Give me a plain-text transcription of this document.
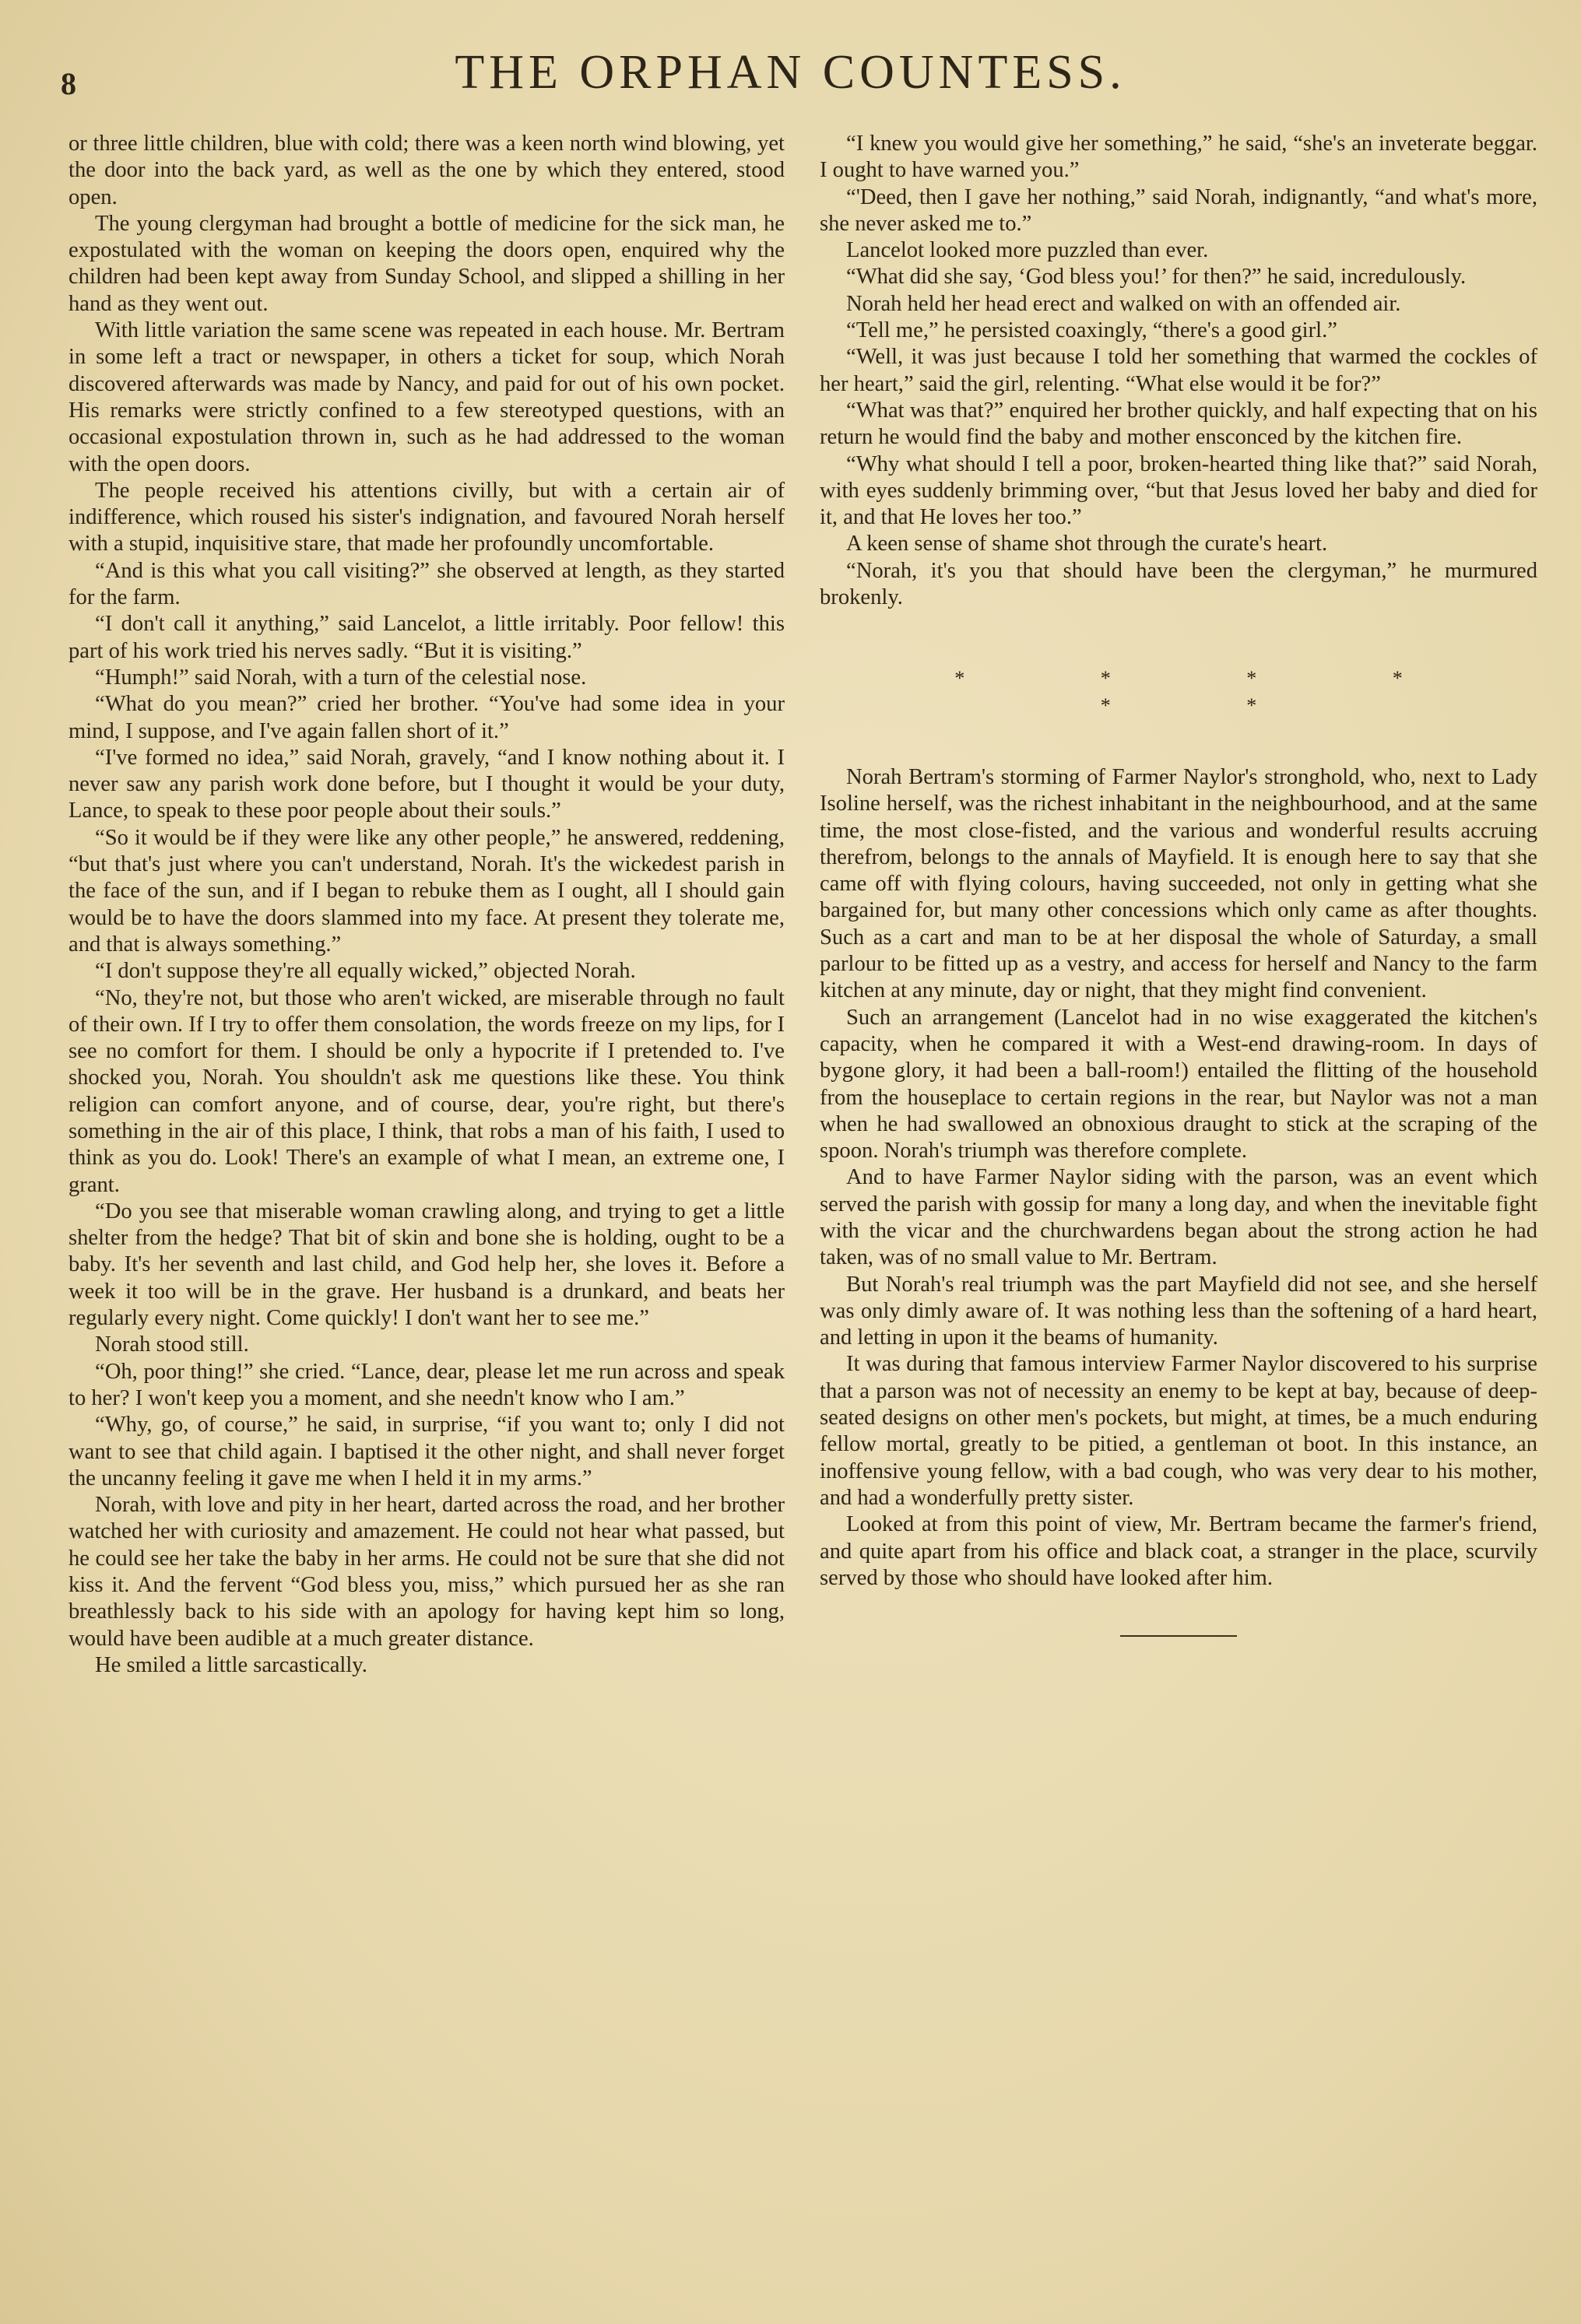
8	THE ORPHAN COUNTESS.

or three little children, blue with cold; there was a keen north wind blowing, yet the door into the back yard, as well as the one by which they entered, stood open.

The young clergyman had brought a bottle of medicine for the sick man, he expostulated with the woman on keeping the doors open, enquired why the children had been kept away from Sunday School, and slipped a shilling in her hand as they went out.

With little variation the same scene was repeated in each house. Mr. Bertram in some left a tract or newspaper, in others a ticket for soup, which Norah discovered afterwards was made by Nancy, and paid for out of his own pocket. His remarks were strictly confined to a few stereotyped questions, with an occasional expostulation thrown in, such as he had addressed to the woman with the open doors.

The people received his attentions civilly, but with a certain air of indifference, which roused his sister's indignation, and favoured Norah herself with a stupid, inquisitive stare, that made her profoundly uncomfortable.

“And is this what you call visiting?” she observed at length, as they started for the farm.

“I don't call it anything,” said Lancelot, a little irritably. Poor fellow! this part of his work tried his nerves sadly. “But it is visiting.”

“Humph!” said Norah, with a turn of the celestial nose.

“What do you mean?” cried her brother. “You've had some idea in your mind, I suppose, and I've again fallen short of it.”

“I've formed no idea,” said Norah, gravely, “and I know nothing about it. I never saw any parish work done before, but I thought it would be your duty, Lance, to speak to these poor people about their souls.”

“So it would be if they were like any other people,” he answered, reddening, “but that's just where you can't understand, Norah. It's the wickedest parish in the face of the sun, and if I began to rebuke them as I ought, all I should gain would be to have the doors slammed into my face. At present they tolerate me, and that is always something.”

“I don't suppose they're all equally wicked,” objected Norah.

“No, they're not, but those who aren't wicked, are miserable through no fault of their own. If I try to offer them consolation, the words freeze on my lips, for I see no comfort for them. I should be only a hypocrite if I pretended to. I've shocked you, Norah. You shouldn't ask me questions like these. You think religion can comfort anyone, and of course, dear, you're right, but there's something in the air of this place, I think, that robs a man of his faith, I used to think as you do. Look! There's an example of what I mean, an extreme one, I grant.

“Do you see that miserable woman crawling along, and trying to get a little shelter from the hedge? That bit of skin and bone she is holding, ought to be a baby. It's her seventh and last child, and God help her, she loves it. Before a week it too will be in the grave. Her husband is a drunkard, and beats her regularly every night. Come quickly! I don't want her to see me.”

Norah stood still.

“Oh, poor thing!” she cried. “Lance, dear, please let me run across and speak to her? I won't keep you a moment, and she needn't know who I am.”

“Why, go, of course,” he said, in surprise, “if you want to; only I did not want to see that child again. I baptised it the other night, and shall never forget the uncanny feeling it gave me when I held it in my arms.”

Norah, with love and pity in her heart, darted across the road, and her brother watched her with curiosity and amazement. He could not hear what passed, but he could see her take the baby in her arms. He could not be sure that she did not kiss it. And the fervent “God bless you, miss,” which pursued her as she ran breathlessly back to his side with an apology for having kept him so long, would have been audible at a much greater distance.

He smiled a little sarcastically.

“I knew you would give her something,” he said, “she's an inveterate beggar. I ought to have warned you.”

“'Deed, then I gave her nothing,” said Norah, indignantly, “and what's more, she never asked me to.”

Lancelot looked more puzzled than ever.

“What did she say, ‘God bless you!’ for then?” he said, incredulously.

Norah held her head erect and walked on with an offended air.

“Tell me,” he persisted coaxingly, “there's a good girl.”

“Well, it was just because I told her something that warmed the cockles of her heart,” said the girl, relenting. “What else would it be for?”

“What was that?” enquired her brother quickly, and half expecting that on his return he would find the baby and mother ensconced by the kitchen fire.

“Why what should I tell a poor, broken-hearted thing like that?” said Norah, with eyes suddenly brimming over, “but that Jesus loved her baby and died for it, and that He loves her too.”

A keen sense of shame shot through the curate's heart.

“Norah, it's you that should have been the clergyman,” he murmured brokenly.

* * * * * *

Norah Bertram's storming of Farmer Naylor's stronghold, who, next to Lady Isoline herself, was the richest inhabitant in the neighbourhood, and at the same time, the most close-fisted, and the various and wonderful results accruing therefrom, belongs to the annals of Mayfield. It is enough here to say that she came off with flying colours, having succeeded, not only in getting what she bargained for, but many other concessions which only came as after thoughts. Such as a cart and man to be at her disposal the whole of Saturday, a small parlour to be fitted up as a vestry, and access for herself and Nancy to the farm kitchen at any minute, day or night, that they might find convenient.

Such an arrangement (Lancelot had in no wise exaggerated the kitchen's capacity, when he compared it with a West-end drawing-room. In days of bygone glory, it had been a ball-room!) entailed the flitting of the household from the houseplace to certain regions in the rear, but Naylor was not a man when he had swallowed an obnoxious draught to stick at the scraping of the spoon. Norah's triumph was therefore complete.

And to have Farmer Naylor siding with the parson, was an event which served the parish with gossip for many a long day, and when the inevitable fight with the vicar and the churchwardens began about the strong action he had taken, was of no small value to Mr. Bertram.

But Norah's real triumph was the part Mayfield did not see, and she herself was only dimly aware of. It was nothing less than the softening of a hard heart, and letting in upon it the beams of humanity.

It was during that famous interview Farmer Naylor discovered to his surprise that a parson was not of necessity an enemy to be kept at bay, because of deep-seated designs on other men's pockets, but might, at times, be a much enduring fellow mortal, greatly to be pitied, a gentleman ot boot. In this instance, an inoffensive young fellow, with a bad cough, who was very dear to his mother, and had a wonderfully pretty sister.

Looked at from this point of view, Mr. Bertram became the farmer's friend, and quite apart from his office and black coat, a stranger in the place, scurvily served by those who should have looked after him.
